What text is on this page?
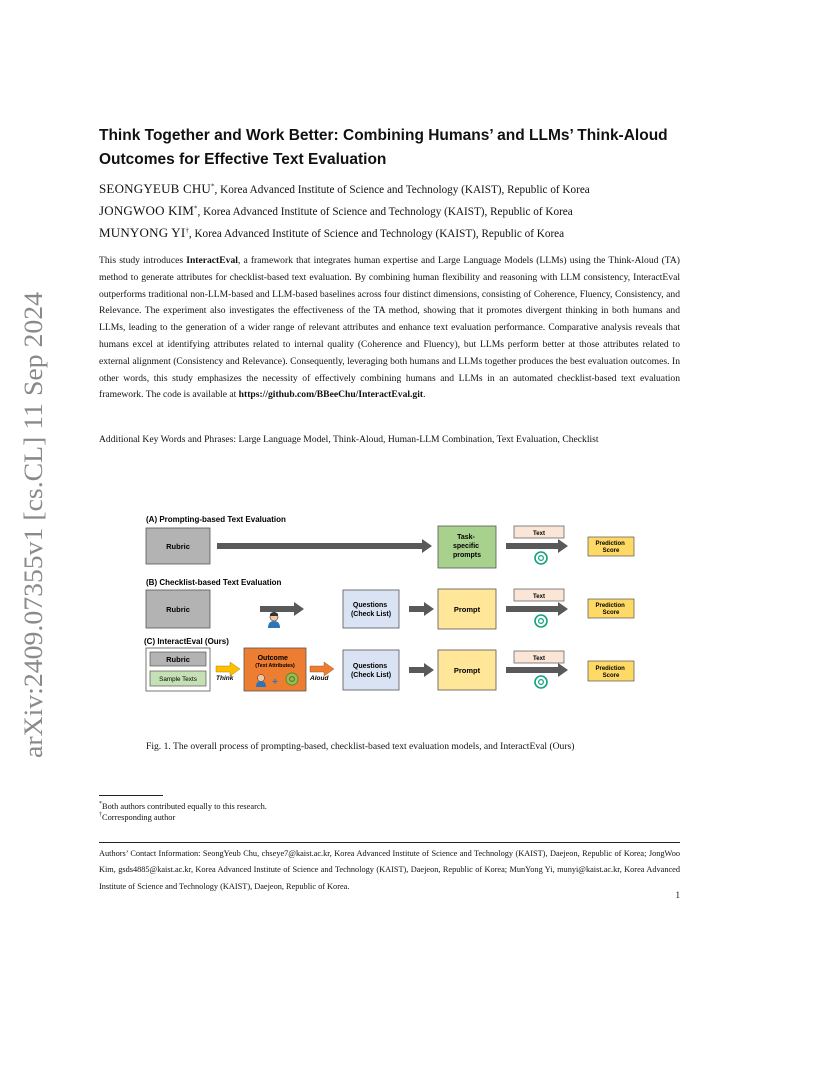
arXiv:2409.07355v1 [cs.CL] 11 Sep 2024
Think Together and Work Better: Combining Humans’ and LLMs’ Think-Aloud Outcomes for Effective Text Evaluation
SEONGYEUB CHU*, Korea Advanced Institute of Science and Technology (KAIST), Republic of Korea
JONGWOO KIM*, Korea Advanced Institute of Science and Technology (KAIST), Republic of Korea
MUNYONG YI†, Korea Advanced Institute of Science and Technology (KAIST), Republic of Korea

This study introduces InteractEval, a framework that integrates human expertise and Large Language Models (LLMs) using the Think-Aloud (TA) method to generate attributes for checklist-based text evaluation. By combining human flexibility and reasoning with LLM consistency, InteractEval outperforms traditional non-LLM-based and LLM-based baselines across four distinct dimensions, consisting of Coherence, Fluency, Consistency, and Relevance. The experiment also investigates the effectiveness of the TA method, showing that it promotes divergent thinking in both humans and LLMs, leading to the generation of a wider range of relevant attributes and enhance text evaluation performance. Comparative analysis reveals that humans excel at identifying attributes related to internal quality (Coherence and Fluency), but LLMs perform better at those attributes related to external alignment (Consistency and Relevance). Consequently, leveraging both humans and LLMs together produces the best evaluation outcomes. In other words, this study emphasizes the necessity of effectively combining humans and LLMs in an automated checklist-based text evaluation framework. The code is available at https://github.com/BBeeChu/InteractEval.git.

Additional Key Words and Phrases: Large Language Model, Think-Aloud, Human-LLM Combination, Text Evaluation, Checklist
(A) Prompting-based Text Evaluation
Rubric
Task- specific prompts
Text
Prediction Score
(B) Checklist-based Text Evaluation
Rubric	Questions (Check List)
Prompt
Text
Prediction Score
(C) InteractEval (Ours)
Rubric
Sample Texts	Think
Outcome (Text Attributes)
+	Aloud
Questions (Check List)
Prompt
Text
Prediction Score
Fig. 1. The overall process of prompting-based, checklist-based text evaluation models, and InteractEval (Ours)
*Both authors contributed equally to this research.
†Corresponding author

Authors’ Contact Information: SeongYeub Chu, chseye7@kaist.ac.kr, Korea Advanced Institute of Science and Technology (KAIST), Daejeon, Republic of Korea; JongWoo Kim, gsds4885@kaist.ac.kr, Korea Advanced Institute of Science and Technology (KAIST), Daejeon, Republic of Korea; MunYong Yi, munyi@kaist.ac.kr, Korea Advanced Institute of Science and Technology (KAIST), Daejeon, Republic of Korea.

1
